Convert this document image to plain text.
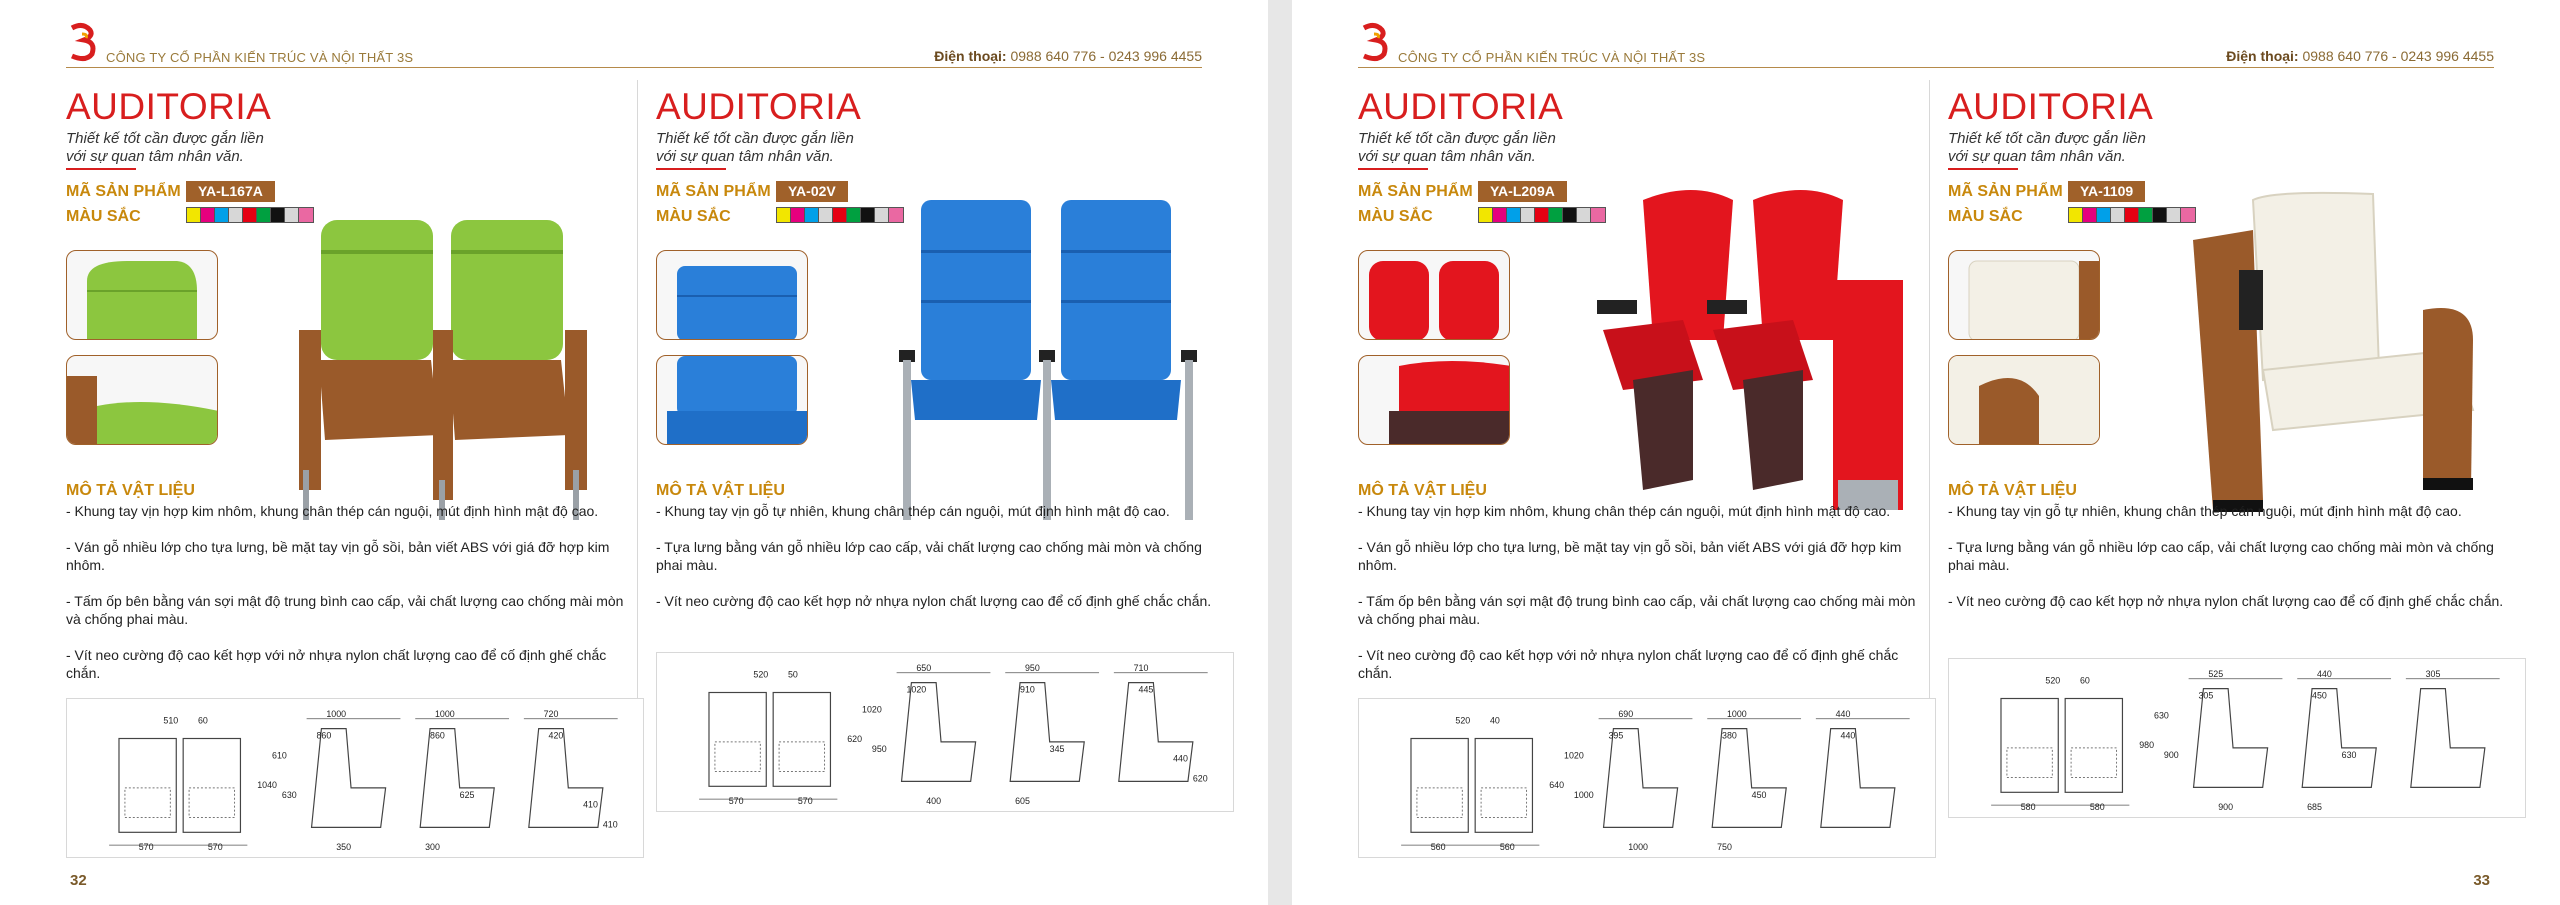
CÔNG TY CỔ PHẦN KIẾN TRÚC VÀ NỘI THẤT 3S	Điện thoại: 0988 640 776 - 0243 996 4455
AUDITORIA
Thiết kế tốt cần được gắn liền
với sự quan tâm nhân văn.
MÃ SẢN PHẨM	YA-L167A
MÀU SẮC
MÔ TẢ VẬT LIỆU

- Khung tay vịn hợp kim nhôm, khung chân thép cán nguội, mút định hình mật độ cao.

- Ván gỗ nhiều lớp cho tựa lưng, bề mặt tay vịn gỗ sồi, bản viết ABS với giá đỡ hợp kim nhôm.

- Tấm ốp bên bằng ván sợi mật độ trung bình cao cấp, vải chất lượng cao chống mài mòn và chống phai màu.

- Vít neo cường độ cao kết hợp với nở nhựa nylon chất lượng cao để cố định ghế chắc chắn.

510 60
570	570
1040
610
630
1000
860
350
1000
860
300
625
720
420
410
410
AUDITORIA
Thiết kế tốt cần được gắn liền
với sự quan tâm nhân văn.
MÃ SẢN PHẨM	YA-02V
MÀU SẮC
MÔ TẢ VẬT LIỆU

- Khung tay vịn gỗ tự nhiên, khung chân thép cán nguội, mút định hình mật độ cao.

- Tựa lưng bằng ván gỗ nhiều lớp cao cấp, vải chất lượng cao chống mài mòn và chống phai màu.

- Vít neo cường độ cao kết hợp nở nhựa nylon chất lượng cao để cố định ghế chắc chắn.

520 50
570	570
620
1020
950
650
1020
400
950
910
605
345
710
445
440
620
32
CÔNG TY CỔ PHẦN KIẾN TRÚC VÀ NỘI THẤT 3S	Điện thoại: 0988 640 776 - 0243 996 4455
AUDITORIA
Thiết kế tốt cần được gắn liền
với sự quan tâm nhân văn.
MÃ SẢN PHẨM	YA-L209A
MÀU SẮC
MÔ TẢ VẬT LIỆU

- Khung tay vịn hợp kim nhôm, khung chân thép cán nguội, mút định hình mật độ cao.

- Ván gỗ nhiều lớp cho tựa lưng, bề mặt tay vịn gỗ sồi, bản viết ABS với giá đỡ hợp kim nhôm.

- Tấm ốp bên bằng ván sợi mật độ trung bình cao cấp, vải chất lượng cao chống mài mòn và chống phai màu.

- Vít neo cường độ cao kết hợp với nở nhựa nylon chất lượng cao để cố định ghế chắc chắn.

520 40
560	560
640
1020
1000
690
395
1000
1000
380
750
450
440
440
AUDITORIA
Thiết kế tốt cần được gắn liền
với sự quan tâm nhân văn.
MÃ SẢN PHẨM	YA-1109
MÀU SẮC
MÔ TẢ VẬT LIỆU

- Khung tay vịn gỗ tự nhiên, khung chân thép cán nguội, mút định hình mật độ cao.

- Tựa lưng bằng ván gỗ nhiều lớp cao cấp, vải chất lượng cao chống mài mòn và chống phai màu.

- Vít neo cường độ cao kết hợp nở nhựa nylon chất lượng cao để cố định ghế chắc chắn.

520 60
580	580
980
630
900
525
305
900
440
450
685
630
305
33
